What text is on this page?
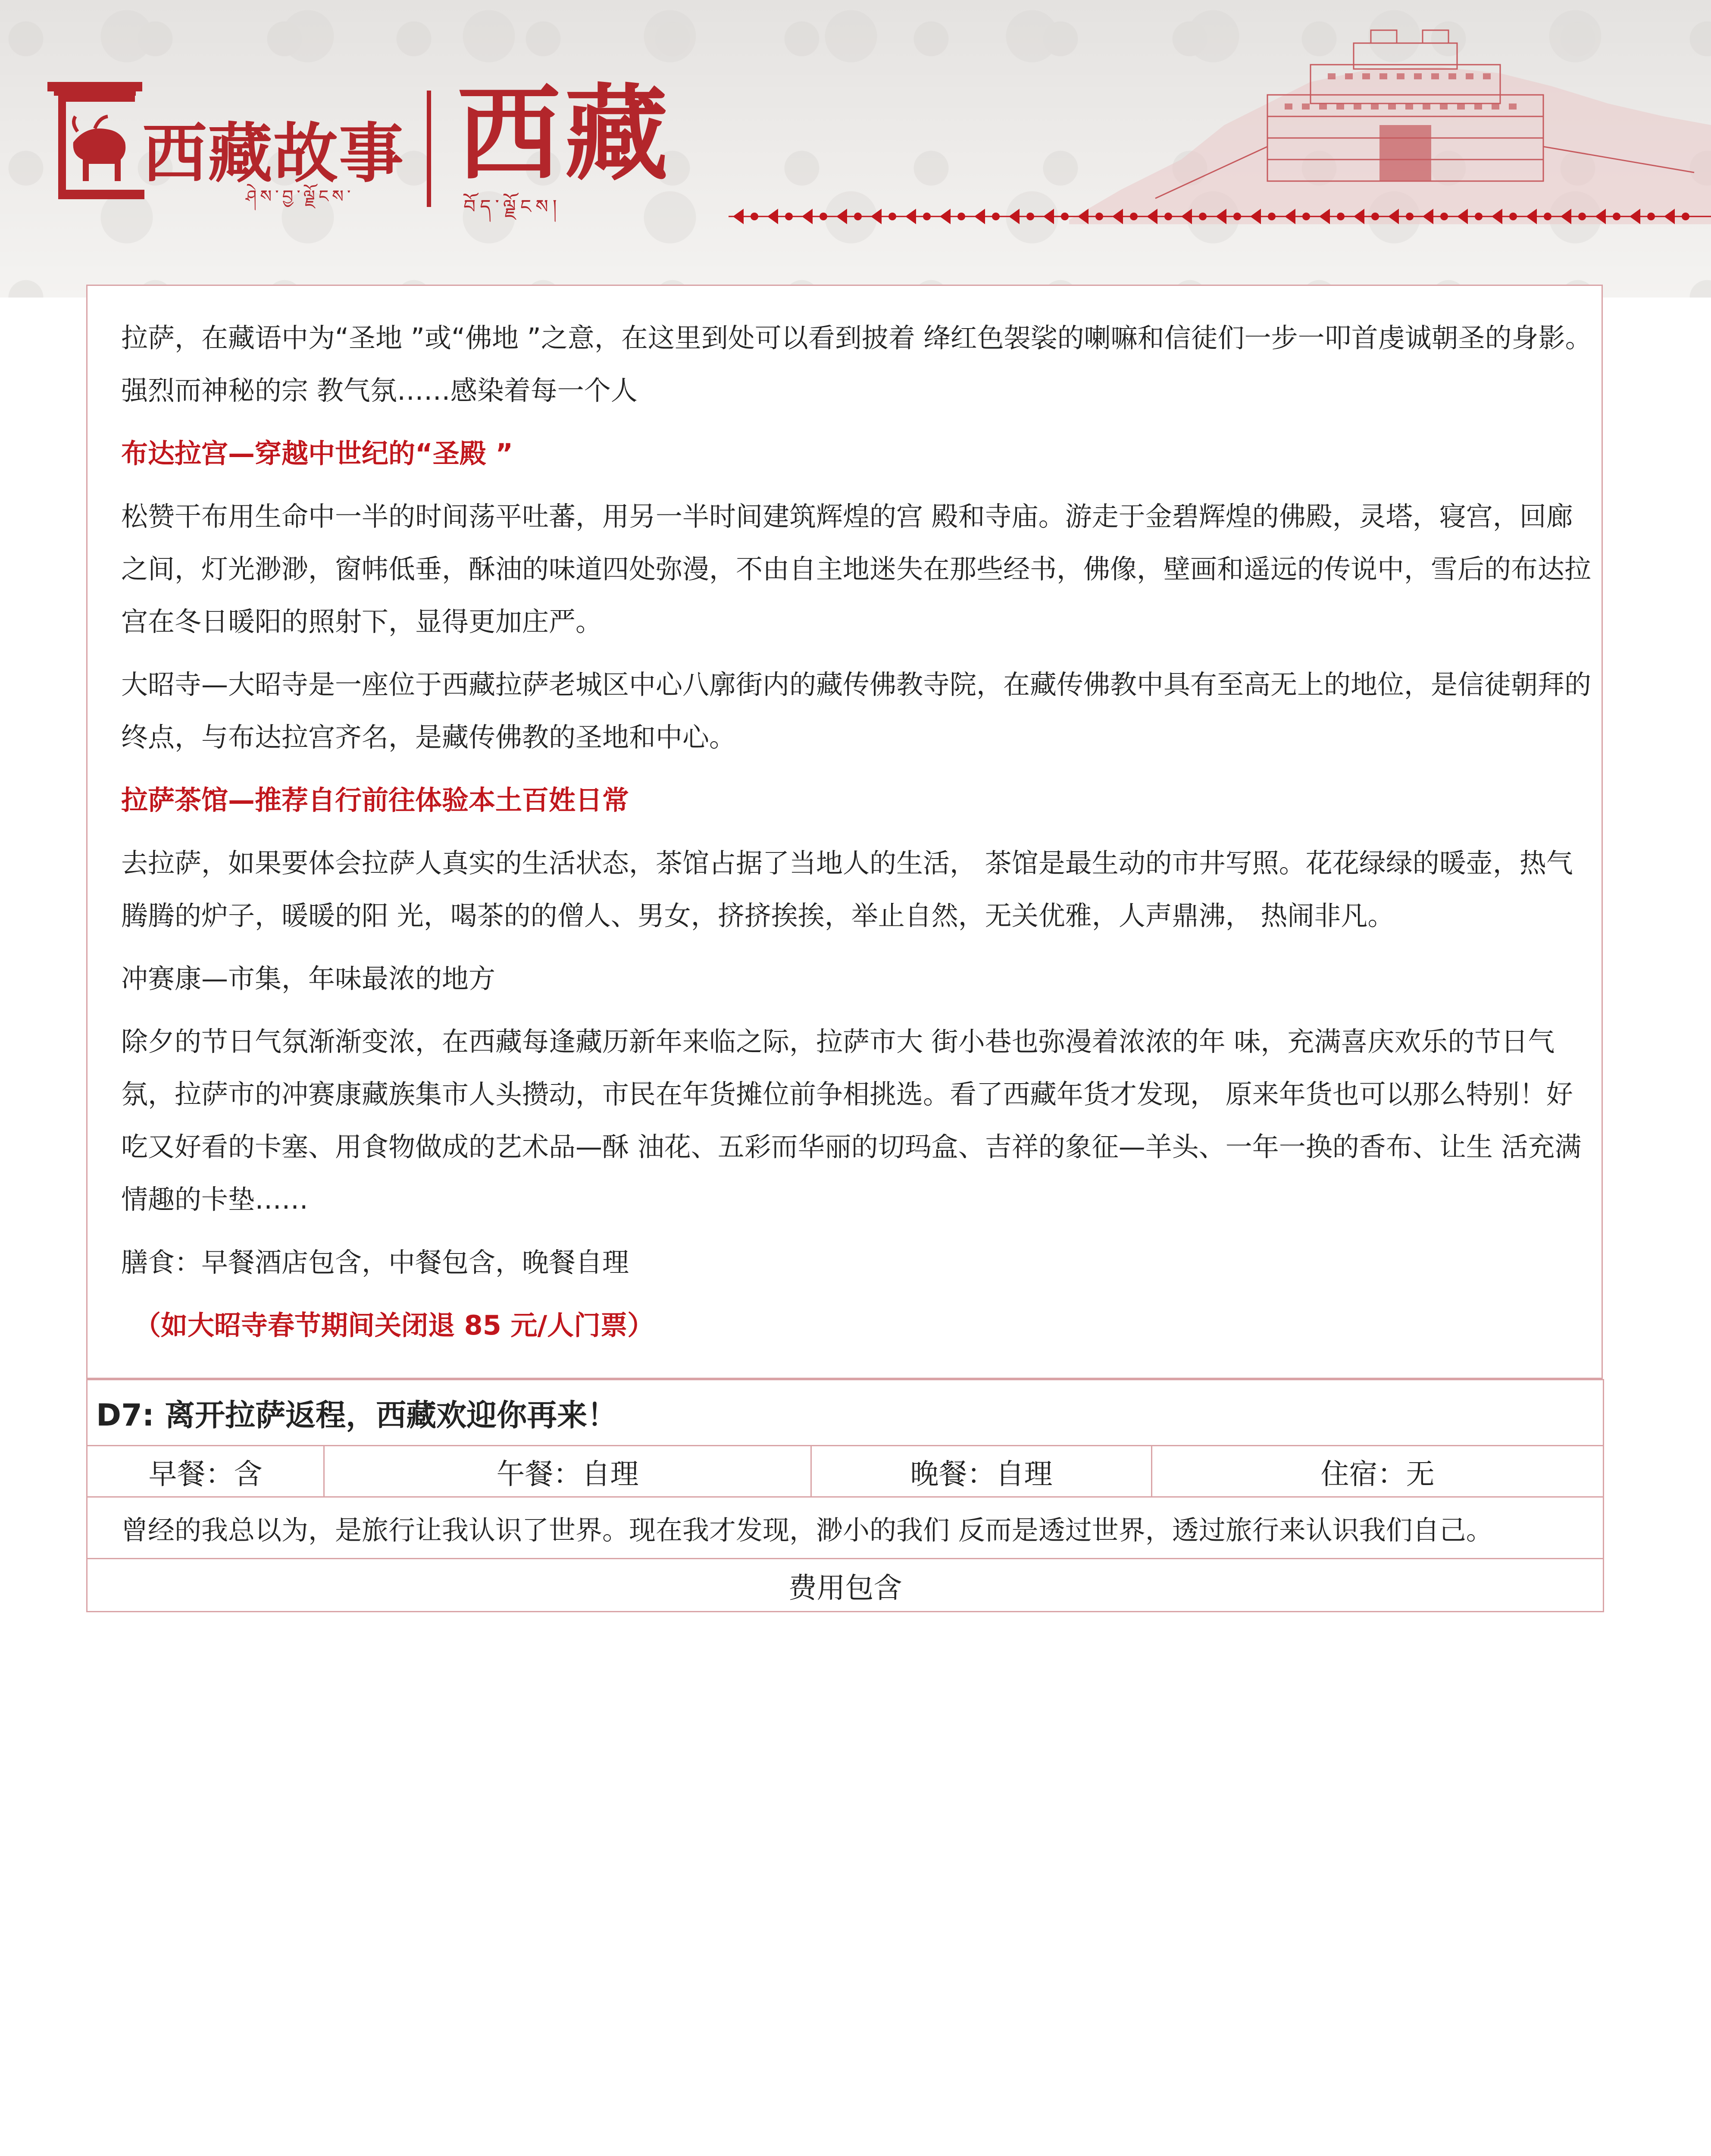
西藏故事
ཤེས་བྱ་ལྗོངས་
西藏
བོད་ལྗོངས།

拉萨，在藏语中为“圣地 ”或“佛地 ”之意，在这里到处可以看到披着 绛红色袈裟的喇嘛和信徒们一步一叩首虔诚朝圣的身影。强烈而神秘的宗 教气氛……感染着每一个人

布达拉宫—穿越中世纪的“圣殿 ”

松赞干布用生命中一半的时间荡平吐蕃，用另一半时间建筑辉煌的宫 殿和寺庙。游走于金碧辉煌的佛殿，灵塔，寝宫，回廊之间，灯光渺渺，窗帏低垂，酥油的味道四处弥漫，不由自主地迷失在那些经书，佛像，壁画和遥远的传说中，雪后的布达拉宫在冬日暖阳的照射下，显得更加庄严。

大昭寺—大昭寺是一座位于西藏拉萨老城区中心八廓街内的藏传佛教寺院，在藏传佛教中具有至高无上的地位，是信徒朝拜的终点，与布达拉宫齐名，是藏传佛教的圣地和中心。

拉萨茶馆—推荐自行前往体验本土百姓日常

去拉萨，如果要体会拉萨人真实的生活状态，茶馆占据了当地人的生活， 茶馆是最生动的市井写照。花花绿绿的暖壶，热气腾腾的炉子，暖暖的阳 光，喝茶的的僧人、男女，挤挤挨挨，举止自然，无关优雅，人声鼎沸， 热闹非凡。

冲赛康—市集，年味最浓的地方

除夕的节日气氛渐渐变浓，在西藏每逢藏历新年来临之际，拉萨市大 街小巷也弥漫着浓浓的年 味，充满喜庆欢乐的节日气氛，拉萨市的冲赛康藏族集市人头攒动，市民在年货摊位前争相挑选。看了西藏年货才发现， 原来年货也可以那么特别！好吃又好看的卡塞、用食物做成的艺术品—酥 油花、五彩而华丽的切玛盒、吉祥的象征—羊头、一年一换的香布、让生 活充满情趣的卡垫……

膳食：早餐酒店包含，中餐包含，晚餐自理

（如大昭寺春节期间关闭退 85 元/人门票）

D7: 离开拉萨返程，西藏欢迎你再来！
早餐：含	午餐：自理	晚餐：自理	住宿：无
曾经的我总以为，是旅行让我认识了世界。现在我才发现，渺小的我们 反而是透过世界，透过旅行来认识我们自己。
费用包含
